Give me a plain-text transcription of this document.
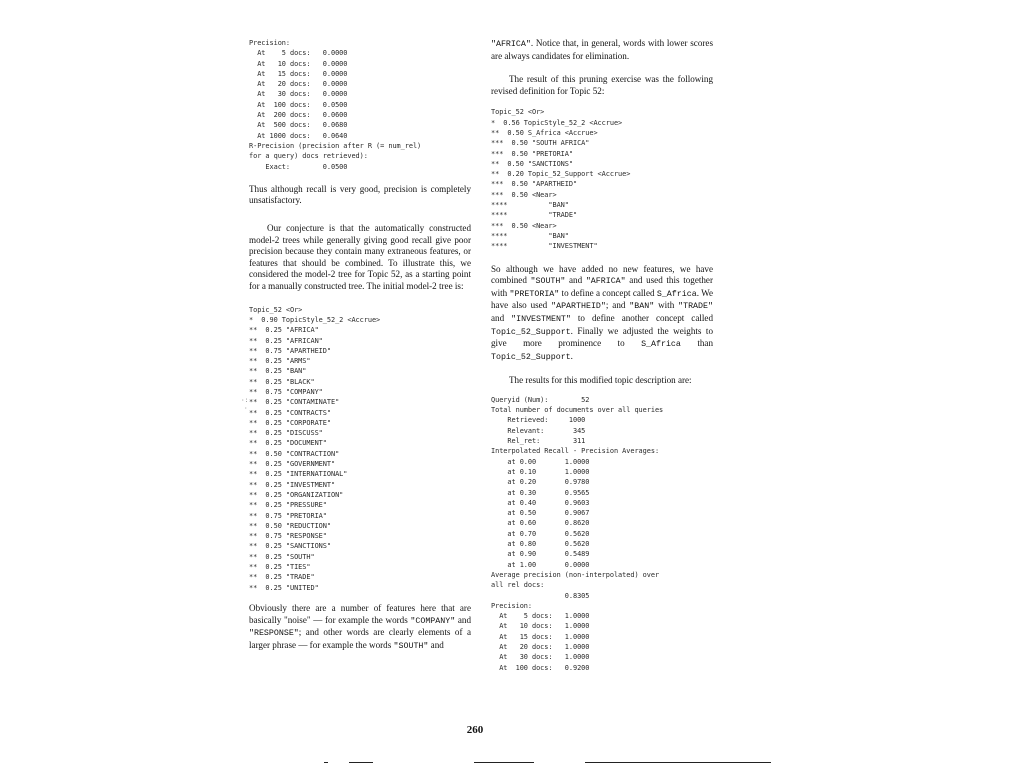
Precision:
At    5 docs:   0.0000
At   10 docs:   0.0000
At   15 docs:   0.0000
At   20 docs:   0.0000
At   30 docs:   0.0000
At  100 docs:   0.0500
At  200 docs:   0.0600
At  500 docs:   0.0680
At 1000 docs:   0.0640
R-Precision (precision after R (= num_rel)
for a query) docs retrieved):
Exact:        0.0500

Thus although recall is very good, precision is completely unsatisfactory.

Our conjecture is that the automatically constructed model-2 trees while generally giving good recall give poor precision because they contain many extraneous features, or features that should be combined. To illustrate this, we considered the model-2 tree for Topic 52, as a starting point for a manually constructed tree. The initial model-2 tree is:

Topic_52 <Or>
*  0.90 TopicStyle_52_2 <Accrue>
**  0.25 "AFRICA"
**  0.25 "AFRICAN"
**  0.75 "APARTHEID"
**  0.25 "ARMS"
**  0.25 "BAN"
**  0.25 "BLACK"
**  0.75 "COMPANY"
**  0.25 "CONTAMINATE"
**  0.25 "CONTRACTS"
**  0.25 "CORPORATE"
**  0.25 "DISCUSS"
**  0.25 "DOCUMENT"
**  0.50 "CONTRACTION"
**  0.25 "GOVERNMENT"
**  0.25 "INTERNATIONAL"
**  0.25 "INVESTMENT"
**  0.25 "ORGANIZATION"
**  0.25 "PRESSURE"
**  0.75 "PRETORIA"
**  0.50 "REDUCTION"
**  0.75 "RESPONSE"
**  0.25 "SANCTIONS"
**  0.25 "SOUTH"
**  0.25 "TIES"
**  0.25 "TRADE"
**  0.25 "UNITED"

Obviously there are a number of features here that are basically "noise" — for example the words "COMPANY" and "RESPONSE"; and other words are clearly elements of a larger phrase — for example the words "SOUTH" and

"AFRICA". Notice that, in general, words with lower scores are always candidates for elimination.

The result of this pruning exercise was the following revised definition for Topic 52:

Topic_52 <Or>
*  0.56 TopicStyle_52_2 <Accrue>
**  0.50 S_Africa <Accrue>
***  0.50 "SOUTH AFRICA"
***  0.50 "PRETORIA"
**  0.50 "SANCTIONS"
**  0.20 Topic_52_Support <Accrue>
***  0.50 "APARTHEID"
***  0.50 <Near>
****          "BAN"
****          "TRADE"
***  0.50 <Near>
****          "BAN"
****          "INVESTMENT"

So although we have added no new features, we have combined "SOUTH" and "AFRICA" and used this together with "PRETORIA" to define a concept called S_Africa. We have also used "APARTHEID"; and "BAN" with "TRADE" and "INVESTMENT" to define another concept called Topic_52_Support. Finally we adjusted the weights to give more prominence to S_Africa than Topic_52_Support.

The results for this modified topic description are:

Queryid (Num):        52
Total number of documents over all queries
Retrieved:     1000
Relevant:       345
Rel_ret:        311
Interpolated Recall - Precision Averages:
at 0.00       1.0000
at 0.10       1.0000
at 0.20       0.9780
at 0.30       0.9565
at 0.40       0.9603
at 0.50       0.9067
at 0.60       0.8620
at 0.70       0.5620
at 0.80       0.5620
at 0.90       0.5489
at 1.00       0.0000
Average precision (non-interpolated) over
all rel docs:
0.8305
Precision:
At    5 docs:   1.0000
At   10 docs:   1.0000
At   15 docs:   1.0000
At   20 docs:   1.0000
At   30 docs:   1.0000
At  100 docs:   0.9200
·:
·
260
